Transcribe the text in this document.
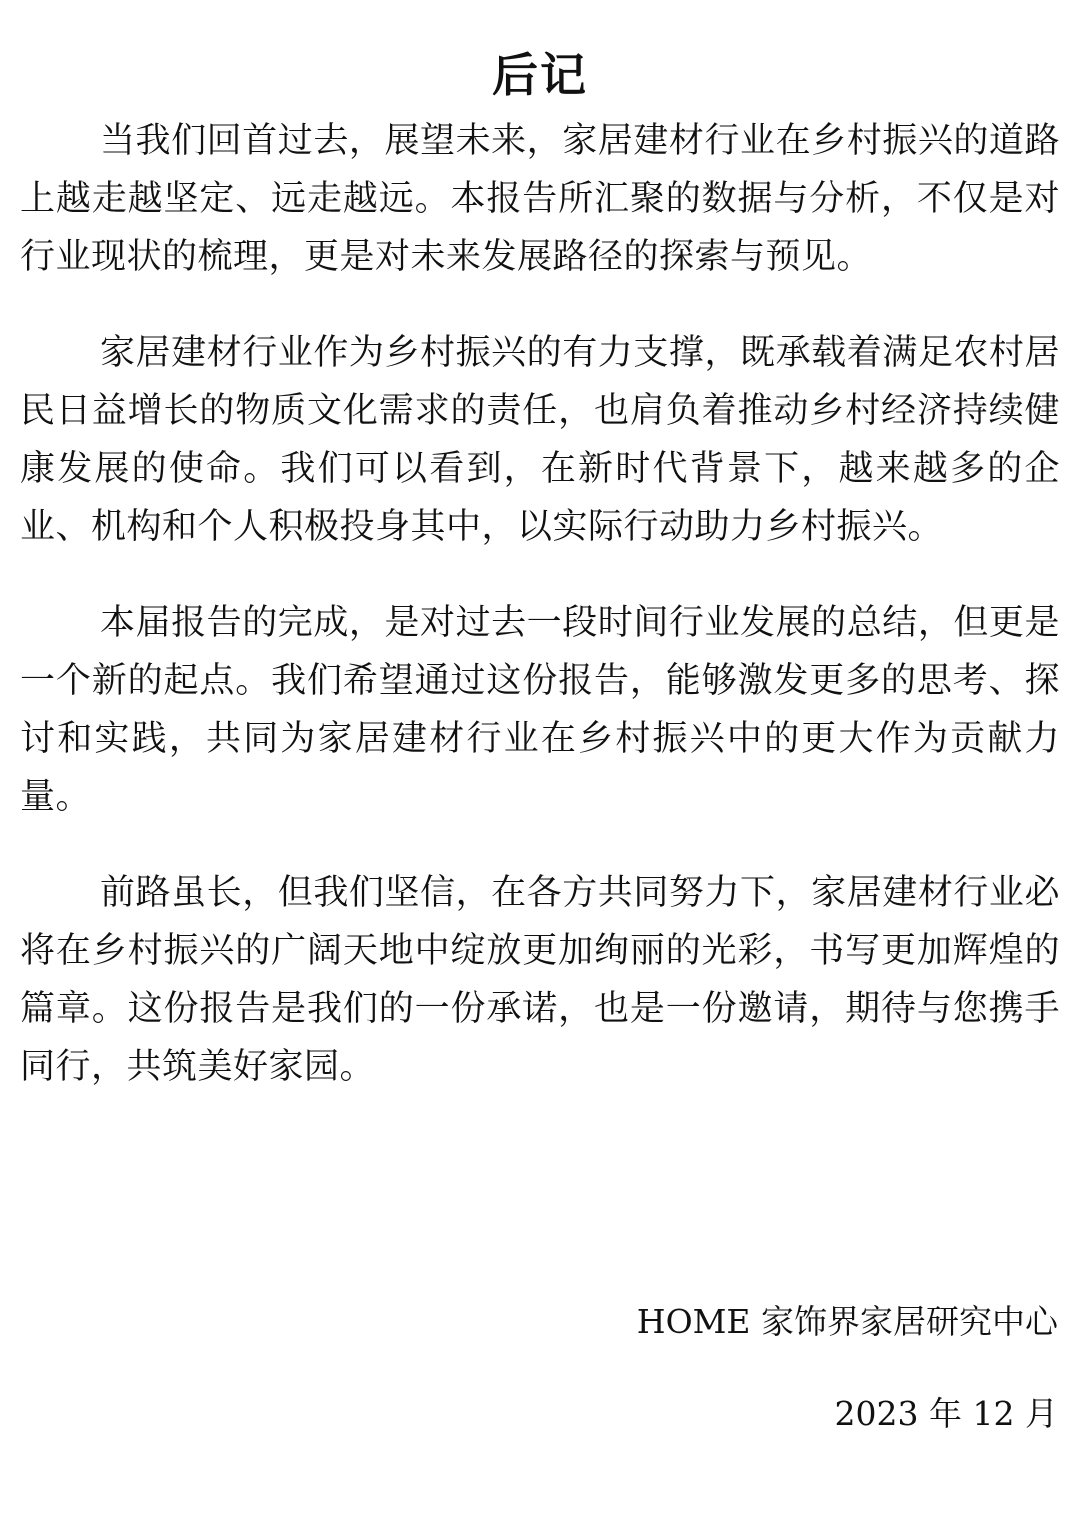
后记

当我们回首过去，展望未来，家居建材行业在乡村振兴的道路上越走越坚定、远走越远。本报告所汇聚的数据与分析，不仅是对行业现状的梳理，更是对未来发展路径的探索与预见。

家居建材行业作为乡村振兴的有力支撑，既承载着满足农村居民日益增长的物质文化需求的责任，也肩负着推动乡村经济持续健康发展的使命。我们可以看到，在新时代背景下，越来越多的企业、机构和个人积极投身其中，以实际行动助力乡村振兴。

本届报告的完成，是对过去一段时间行业发展的总结，但更是一个新的起点。我们希望通过这份报告，能够激发更多的思考、探讨和实践，共同为家居建材行业在乡村振兴中的更大作为贡献力量。

前路虽长，但我们坚信，在各方共同努力下，家居建材行业必将在乡村振兴的广阔天地中绽放更加绚丽的光彩，书写更加辉煌的篇章。这份报告是我们的一份承诺，也是一份邀请，期待与您携手同行，共筑美好家园。

HOME 家饰界家居研究中心
2023 年 12 月
